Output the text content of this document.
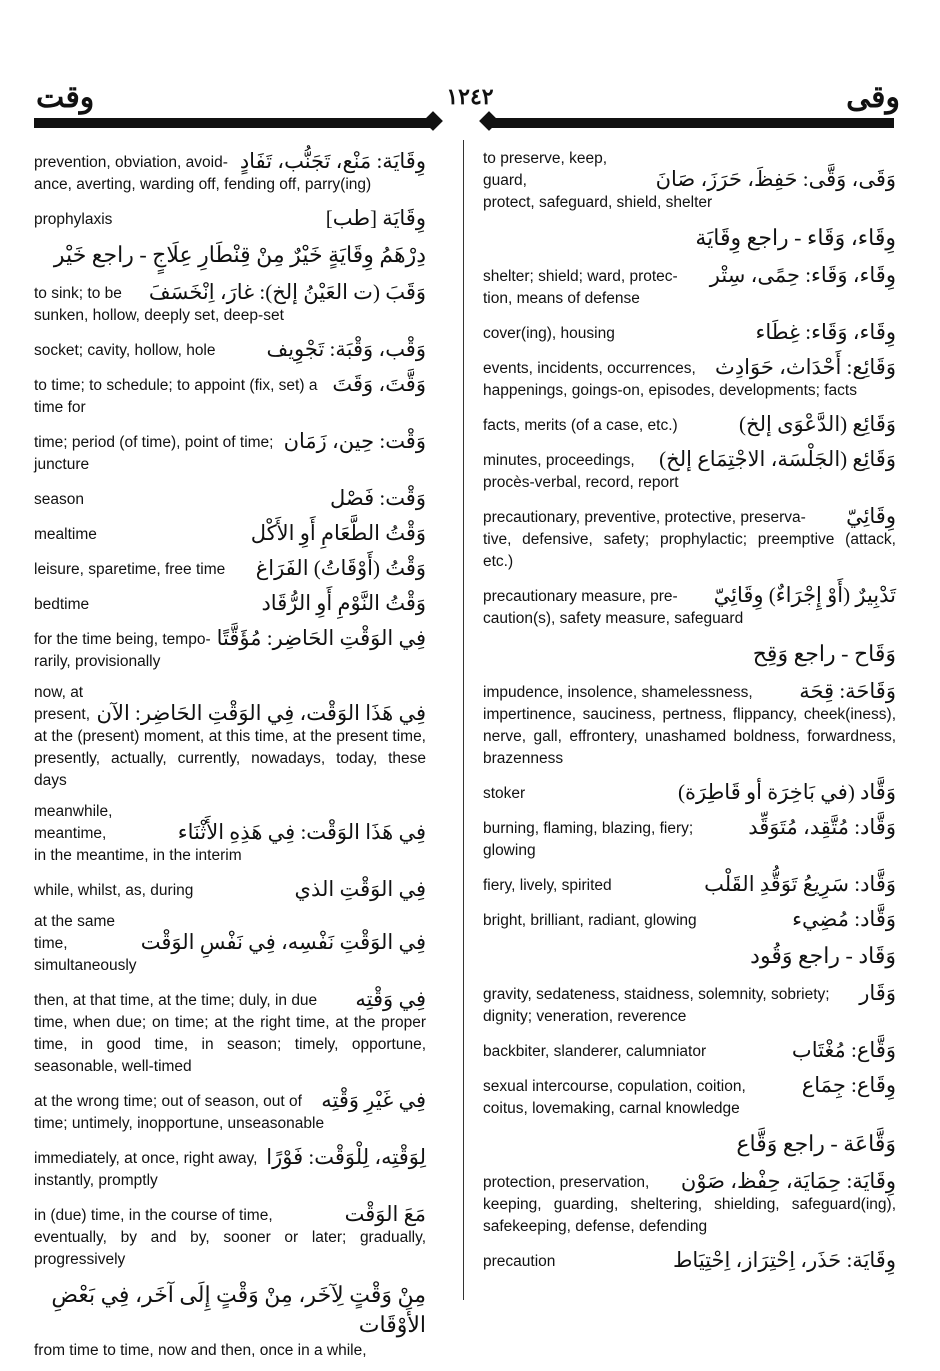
وقت	١٢٤٢	وقى
prevention, obviation, avoid- وِقَايَة: مَنْع، تَجَنُّب، تَفَادٍ
ance, averting, warding off, fending off, parry(ing)
prophylaxis	وِقَايَة [طب]
دِرْهَمُ وِقَايَةٍ خَيْرٌ مِنْ قِنْطَارِ عِلَاجٍ - راجع خَيْر
to sink; to be وَقَبَ (ت العَيْنُ إلخ): غارَ، اِنْخَسَفَ
sunken, hollow, deeply set, deep-set
socket; cavity, hollow, hole وَقْب، وَقْبَة: تَجْوِيف
to time; to schedule; to appoint (fix, set) a وَقَّتَ، وَقَتَ
time for
time; period (of time), point of time; وَقْت: حِين، زَمَان
juncture
season	وَقْت: فَصْل
mealtime	وَقْتُ الطَّعَامِ أَوِ الأَكْل
leisure, sparetime, free time وَقْتُ (أَوْقَاتُ) الفَرَاغ
bedtime	وَقْتُ النَّوْمِ أَوِ الرُّقَاد
for the time being, tempo- فِي الوَقْتِ الحَاضِر: مُؤَقَّتًا
rarily, provisionally
now, at present, فِي هَذَا الوَقْت، فِي الوَقْتِ الحَاضِر: الآن
at the (present) moment, at this time, at the present time, presently, actually, currently, nowadays, today, these days
meanwhile, meantime,	فِي هَذَا الوَقْت: فِي هَذِهِ الأَثْنَاء
in the meantime, in the interim
while, whilst, as, during	فِي الوَقْتِ الذي
at the same time,	فِي الوَقْتِ نَفْسِه، فِي نَفْسِ الوَقْت
simultaneously
then, at that time, at the time; duly, in due فِي وَقْتِه
time, when due; on time; at the right time, at the proper time, in good time, in season; timely, opportune, seasonable, well-timed
at the wrong time; out of season, out of فِي غَيْرِ وَقْتِه
time; untimely, inopportune, unseasonable
immediately, at once, right away, لِوَقْتِه، لِلْوَقْت: فَوْرًا
instantly, promptly
in (due) time, in the course of time,	مَعَ الوَقْت
eventually, by and by, sooner or later; gradually, progressively
مِنْ وَقْتٍ لِآخَر، مِنْ وَقْتٍ إِلَى آخَر، فِي بَعْضِ الأَوْقَات
from time to time, now and then, once in a while,
to preserve, keep, guard,	وَقَى، وَقَّى: حَفِظَ، حَرَزَ، صَانَ
protect, safeguard, shield, shelter
وِقَاء، وَقَاء - راجع وِقَايَة
shelter; shield; ward, protec- وِقَاء، وَقَاء: حِمًى، سِتْر
tion, means of defense
cover(ing), housing	وِقَاء، وَقَاء: غِطَاء
events, incidents, occurrences, وَقَائِع: أَحْدَاث، حَوَادِث
happenings, goings-on, episodes, developments; facts
facts, merits (of a case, etc.)	وَقَائِع (الدَّعْوَى إلخ)
minutes, proceedings, وَقَائِع (الجَلْسَة، الاجْتِمَاع إلخ)
procès-verbal, record, report
precautionary, preventive, protective, preserva- وِقَائِيّ
tive, defensive, safety; prophylactic; preemptive (attack, etc.)
precautionary measure, pre- تَدْبِيرٌ (أَوْ إِجْرَاءٌ) وِقَائِيّ
caution(s), safety measure, safeguard
وَقَاح - راجع وَقِح
impudence, insolence, shamelessness, وَقَاحَة: قِحَة
impertinence, sauciness, pertness, flippancy, cheek(iness), nerve, gall, effrontery, unashamed boldness, forwardness, brazenness
stoker	وَقَّاد (في بَاخِرَة أو قَاطِرَة)
burning, flaming, blazing, fiery;	وَقَّاد: مُتَّقِد، مُتَوَقِّد
glowing
fiery, lively, spirited	وَقَّاد: سَرِيعُ تَوَقُّدِ القَلْب
bright, brilliant, radiant, glowing	وَقَّاد: مُضِيء
وَقَاد - راجع وَقُود
gravity, sedateness, staidness, solemnity, sobriety; وَقَار
dignity; veneration, reverence
backbiter, slanderer, calumniator	وَقَّاع: مُغْتَاب
sexual intercourse, copulation, coition,	وِقَاع: جِمَاع
coitus, lovemaking, carnal knowledge
وَقَّاعَة - راجع وَقَّاع
protection, preservation, وِقَايَة: حِمَايَة، حِفْظ، صَوْن
keeping, guarding, sheltering, shielding, safeguard(ing), safekeeping, defense, defending
precaution	وِقَايَة: حَذَر، اِحْتِرَاز، اِحْتِيَاط
